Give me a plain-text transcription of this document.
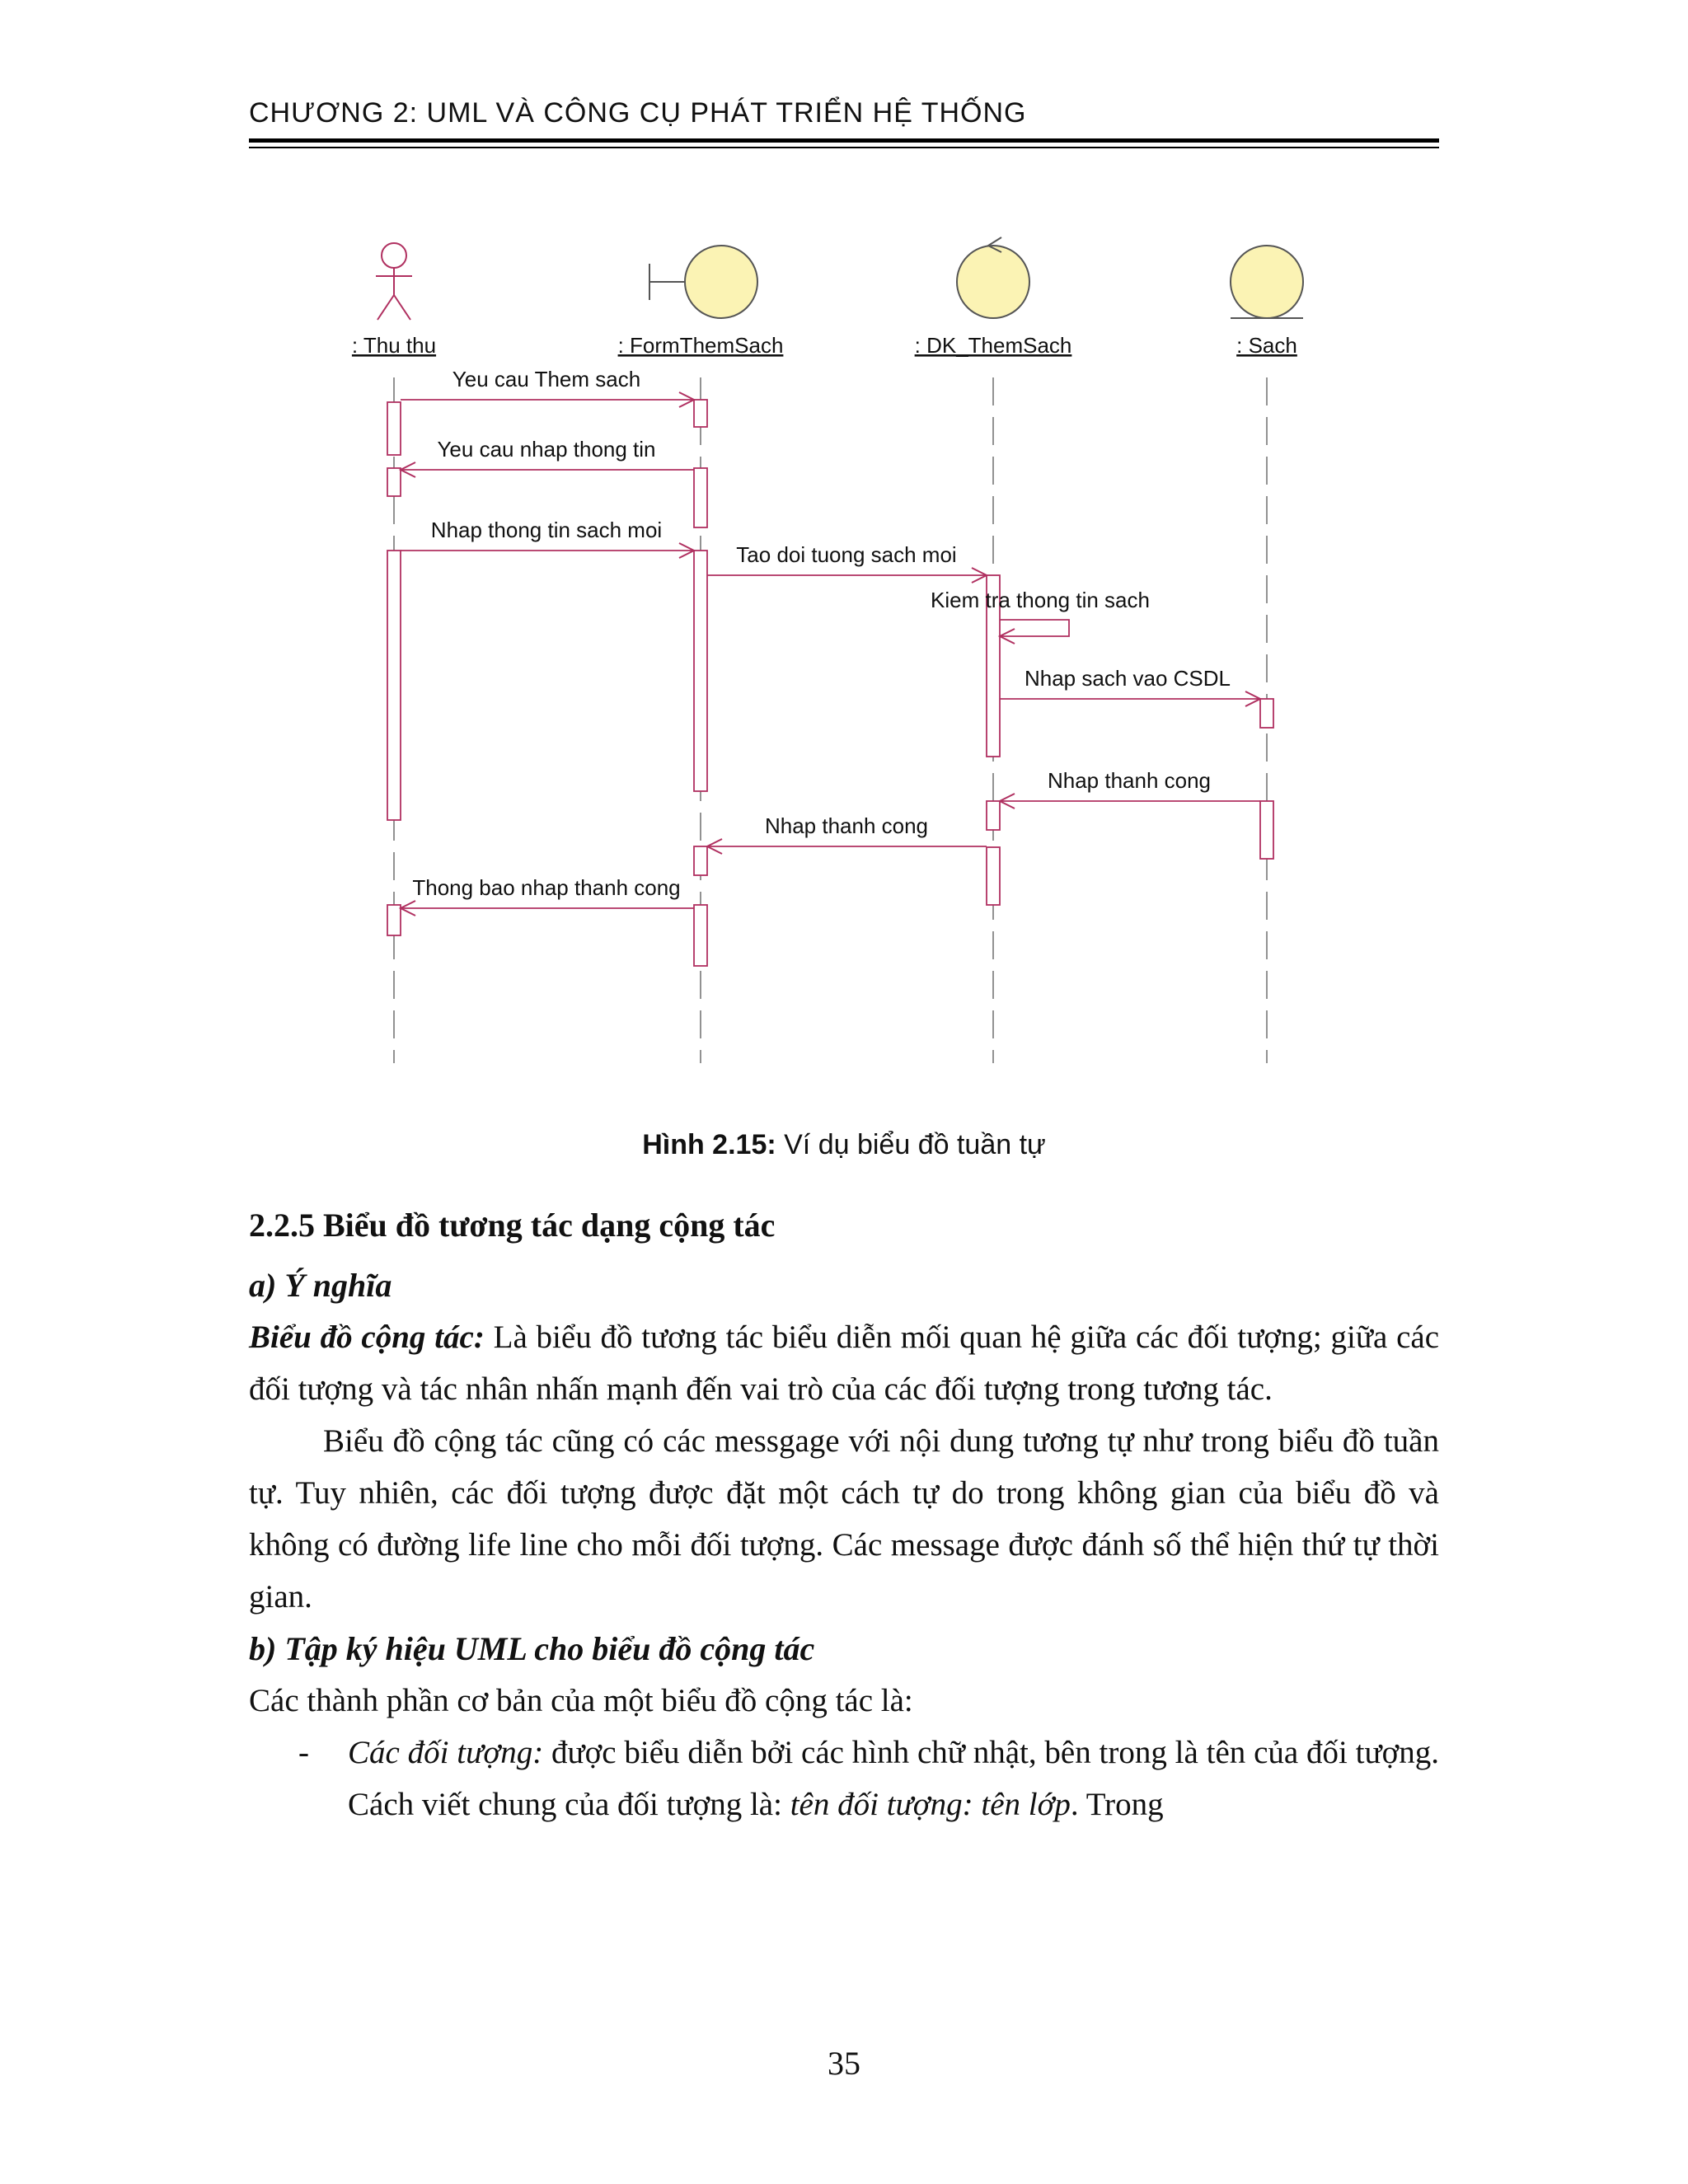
CHƯƠNG 2: UML VÀ CÔNG CỤ PHÁT TRIỂN HỆ THỐNG
: Thu thu	: FormThemSach	: DK_ThemSach	: Sach
Yeu cau Them sach
Yeu cau nhap thong tin
Nhap thong tin sach moi
Tao doi tuong sach moi
Kiem tra thong tin sach
Nhap sach vao CSDL
Nhap thanh cong
Nhap thanh cong
Thong bao nhap thanh cong
Hình 2.15: Ví dụ biểu đồ tuần tự

2.2.5 Biểu đồ tương tác dạng cộng tác

a) Ý nghĩa

Biểu đồ cộng tác: Là biểu đồ tương tác biểu diễn mối quan hệ giữa các đối tượng; giữa các đối tượng và tác nhân nhấn mạnh đến vai trò của các đối tượng trong tương tác.

Biểu đồ cộng tác cũng có các messgage với nội dung tương tự như trong biểu đồ tuần tự. Tuy nhiên, các đối tượng được đặt một cách tự do trong không gian của biểu đồ và không có đường life line cho mỗi đối tượng. Các message được đánh số thể hiện thứ tự thời gian.

b) Tập ký hiệu UML cho biểu đồ cộng tác

Các thành phần cơ bản của một biểu đồ cộng tác là:

- Các đối tượng: được biểu diễn bởi các hình chữ nhật, bên trong là tên của đối tượng. Cách viết chung của đối tượng là: tên đối tượng: tên lớp. Trong

35
